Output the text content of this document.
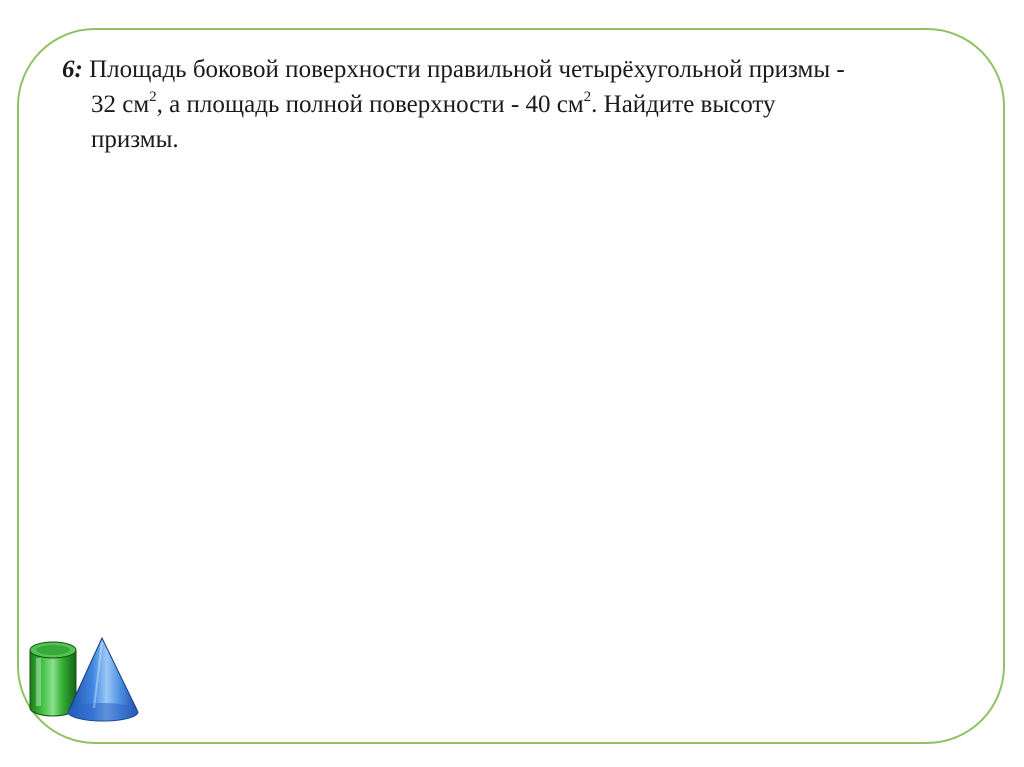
6: Площадь боковой поверхности правильной четырёхугольной призмы -
32 $см^2$, а площадь полной поверхности - 40 $см^2$. Найдите высоту
призмы.
